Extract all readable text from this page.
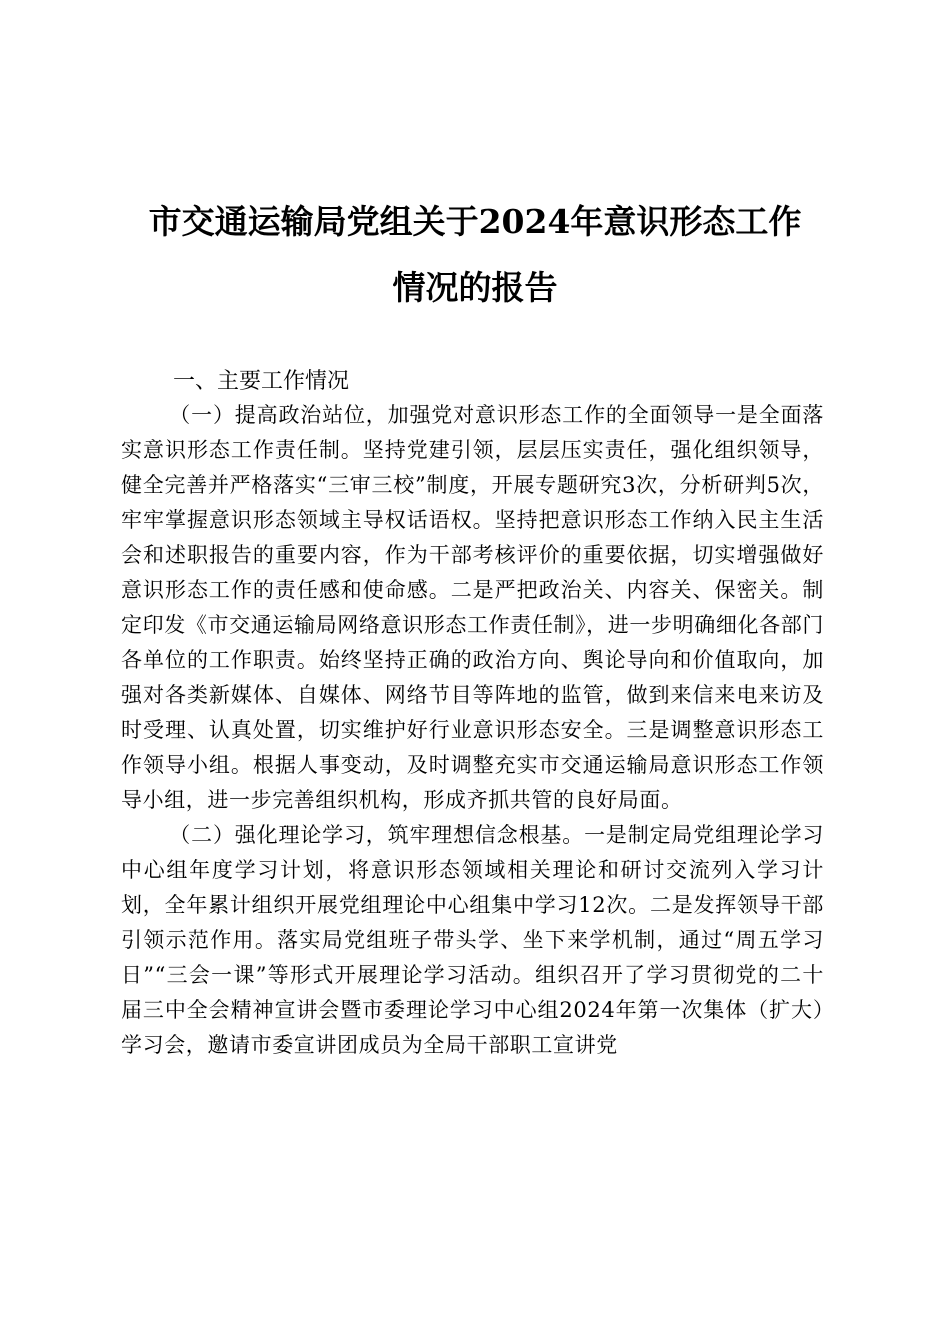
市交通运输局党组关于2024年意识形态工作
情况的报告
一、主要工作情况

（一）提高政治站位，加强党对意识形态工作的全面领导一是全面落实意识形态工作责任制。坚持党建引领，层层压实责任，强化组织领导，健全完善并严格落实“三审三校”制度，开展专题研究3次，分析研判5次，牢牢掌握意识形态领域主导权话语权。坚持把意识形态工作纳入民主生活会和述职报告的重要内容，作为干部考核评价的重要依据，切实增强做好意识形态工作的责任感和使命感。二是严把政治关、内容关、保密关。制定印发《市交通运输局网络意识形态工作责任制》，进一步明确细化各部门各单位的工作职责。始终坚持正确的政治方向、舆论导向和价值取向，加强对各类新媒体、自媒体、网络节目等阵地的监管，做到来信来电来访及时受理、认真处置，切实维护好行业意识形态安全。三是调整意识形态工作领导小组。根据人事变动，及时调整充实市交通运输局意识形态工作领导小组，进一步完善组织机构，形成齐抓共管的良好局面。

（二）强化理论学习，筑牢理想信念根基。一是制定局党组理论学习中心组年度学习计划，将意识形态领域相关理论和研讨交流列入学习计划，全年累计组织开展党组理论中心组集中学习12次。二是发挥领导干部引领示范作用。落实局党组班子带头学、坐下来学机制，通过“周五学习日”“三会一课”等形式开展理论学习活动。组织召开了学习贯彻党的二十届三中全会精神宣讲会暨市委理论学习中心组2024年第一次集体（扩大）学习会，邀请市委宣讲团成员为全局干部职工宣讲党
